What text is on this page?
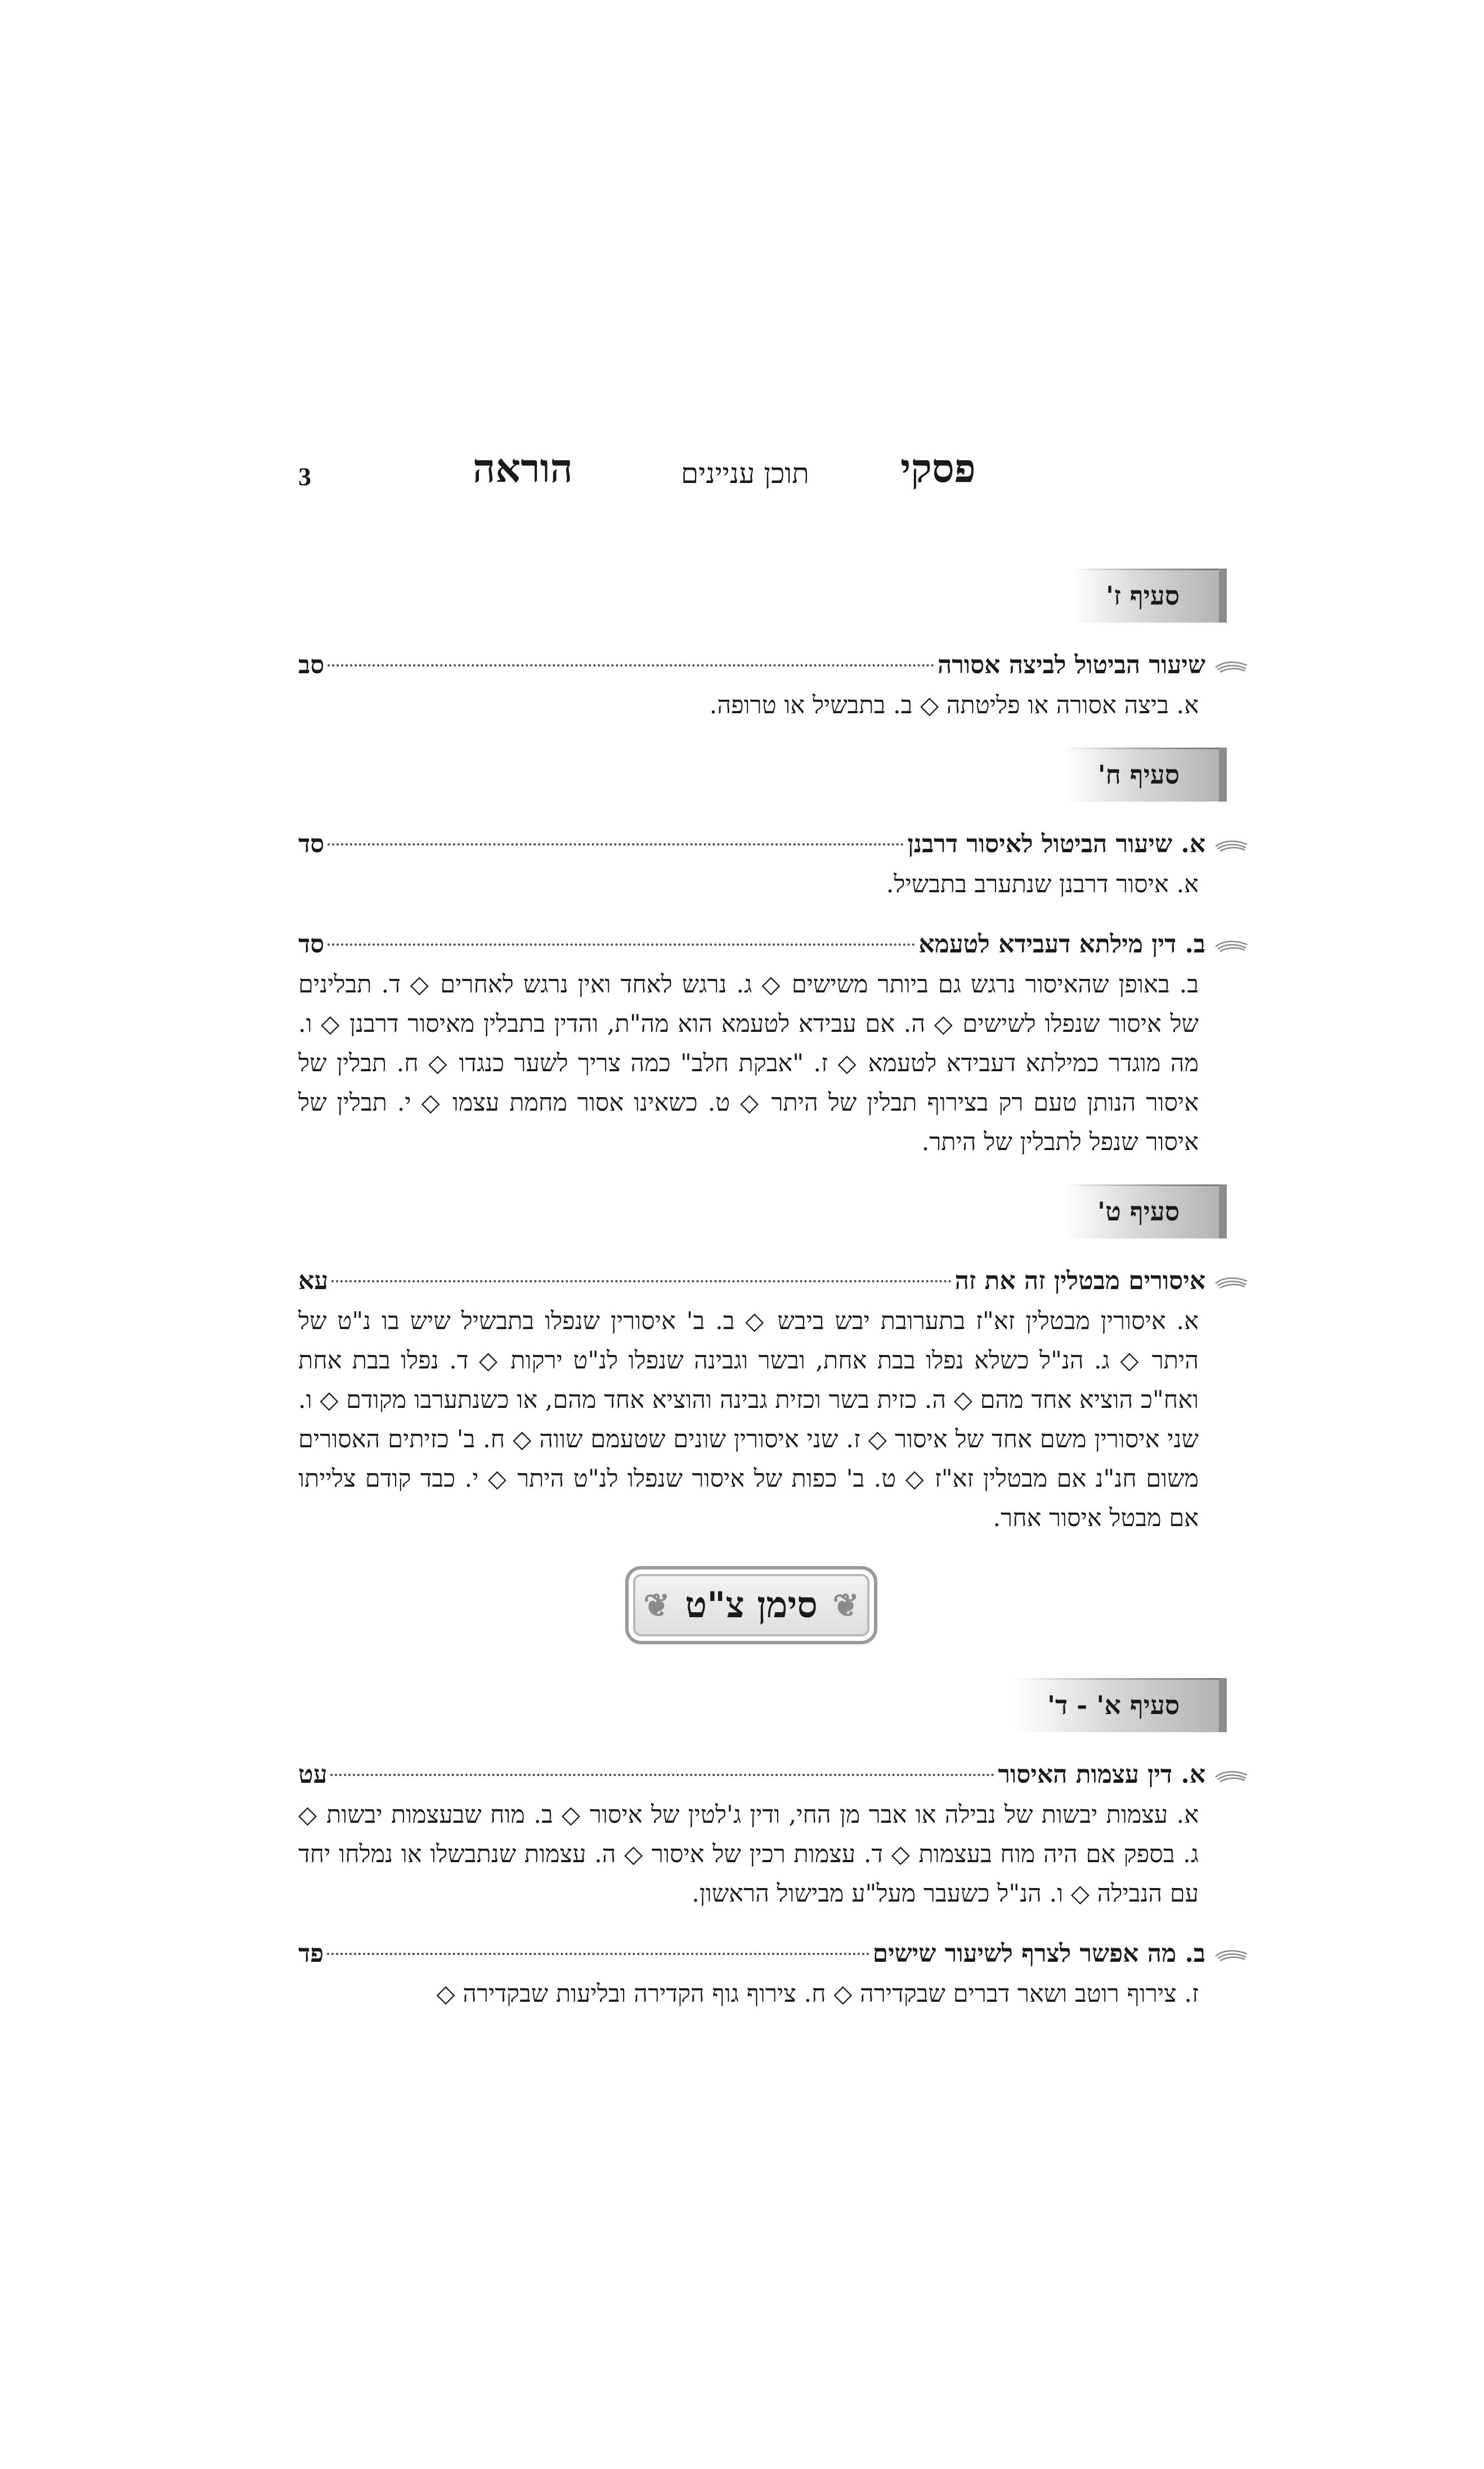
3	הוראה	תוכן עניינים פסקי
סעיף ז'
שיעור הביטול לביצה אסורה
סב

א. ביצה אסורה או פליטתה ◇ ב. בתבשיל או טרופה.

סעיף ח'
א. שיעור הביטול לאיסור דרבנן
סד

א. איסור דרבנן שנתערב בתבשיל.

ב. דין מילתא דעבידא לטעמא
סד

ב. באופן שהאיסור נרגש גם ביותר משישים ◇ ג. נרגש לאחד ואין נרגש לאחרים ◇ ד. תבלינים של איסור שנפלו לשישים ◇ ה. אם עבידא לטעמא הוא מה"ת, והדין בתבלין מאיסור דרבנן ◇ ו. מה מוגדר כמילתא דעבידא לטעמא ◇ ז. "אבקת חלב" כמה צריך לשער כנגדו ◇ ח. תבלין של איסור הנותן טעם רק בצירוף תבלין של היתר ◇ ט. כשאינו אסור מחמת עצמו ◇ י. תבלין של איסור שנפל לתבלין של היתר.

סעיף ט'
איסורים מבטלין זה את זה
עא

א. איסורין מבטלין זא"ז בתערובת יבש ביבש ◇ ב. ב' איסורין שנפלו בתבשיל שיש בו נ"ט של היתר ◇ ג. הנ"ל כשלא נפלו בבת אחת, ובשר וגבינה שנפלו לנ"ט ירקות ◇ ד. נפלו בבת אחת ואח"כ הוציא אחד מהם ◇ ה. כזית בשר וכזית גבינה והוציא אחד מהם, או כשנתערבו מקודם ◇ ו. שני איסורין משם אחד של איסור ◇ ז. שני איסורין שונים שטעמם שווה ◇ ח. ב' כזיתים האסורים משום חנ"נ אם מבטלין זא"ז ◇ ט. ב' כפות של איסור שנפלו לנ"ט היתר ◇ י. כבד קודם צלייתו אם מבטל איסור אחר.

❦ סימן צ"ט ❦
סעיף א' - ד'
א. דין עצמות האיסור
עט

א. עצמות יבשות של נבילה או אבר מן החי, ודין ג'לטין של איסור ◇ ב. מוח שבעצמות יבשות ◇ ג. בספק אם היה מוח בעצמות ◇ ד. עצמות רכין של איסור ◇ ה. עצמות שנתבשלו או נמלחו יחד עם הנבילה ◇ ו. הנ"ל כשעבר מעל"ע מבישול הראשון.

ב. מה אפשר לצרף לשיעור שישים
פד

ז. צירוף רוטב ושאר דברים שבקדירה ◇ ח. צירוף גוף הקדירה ובליעות שבקדירה ◇
